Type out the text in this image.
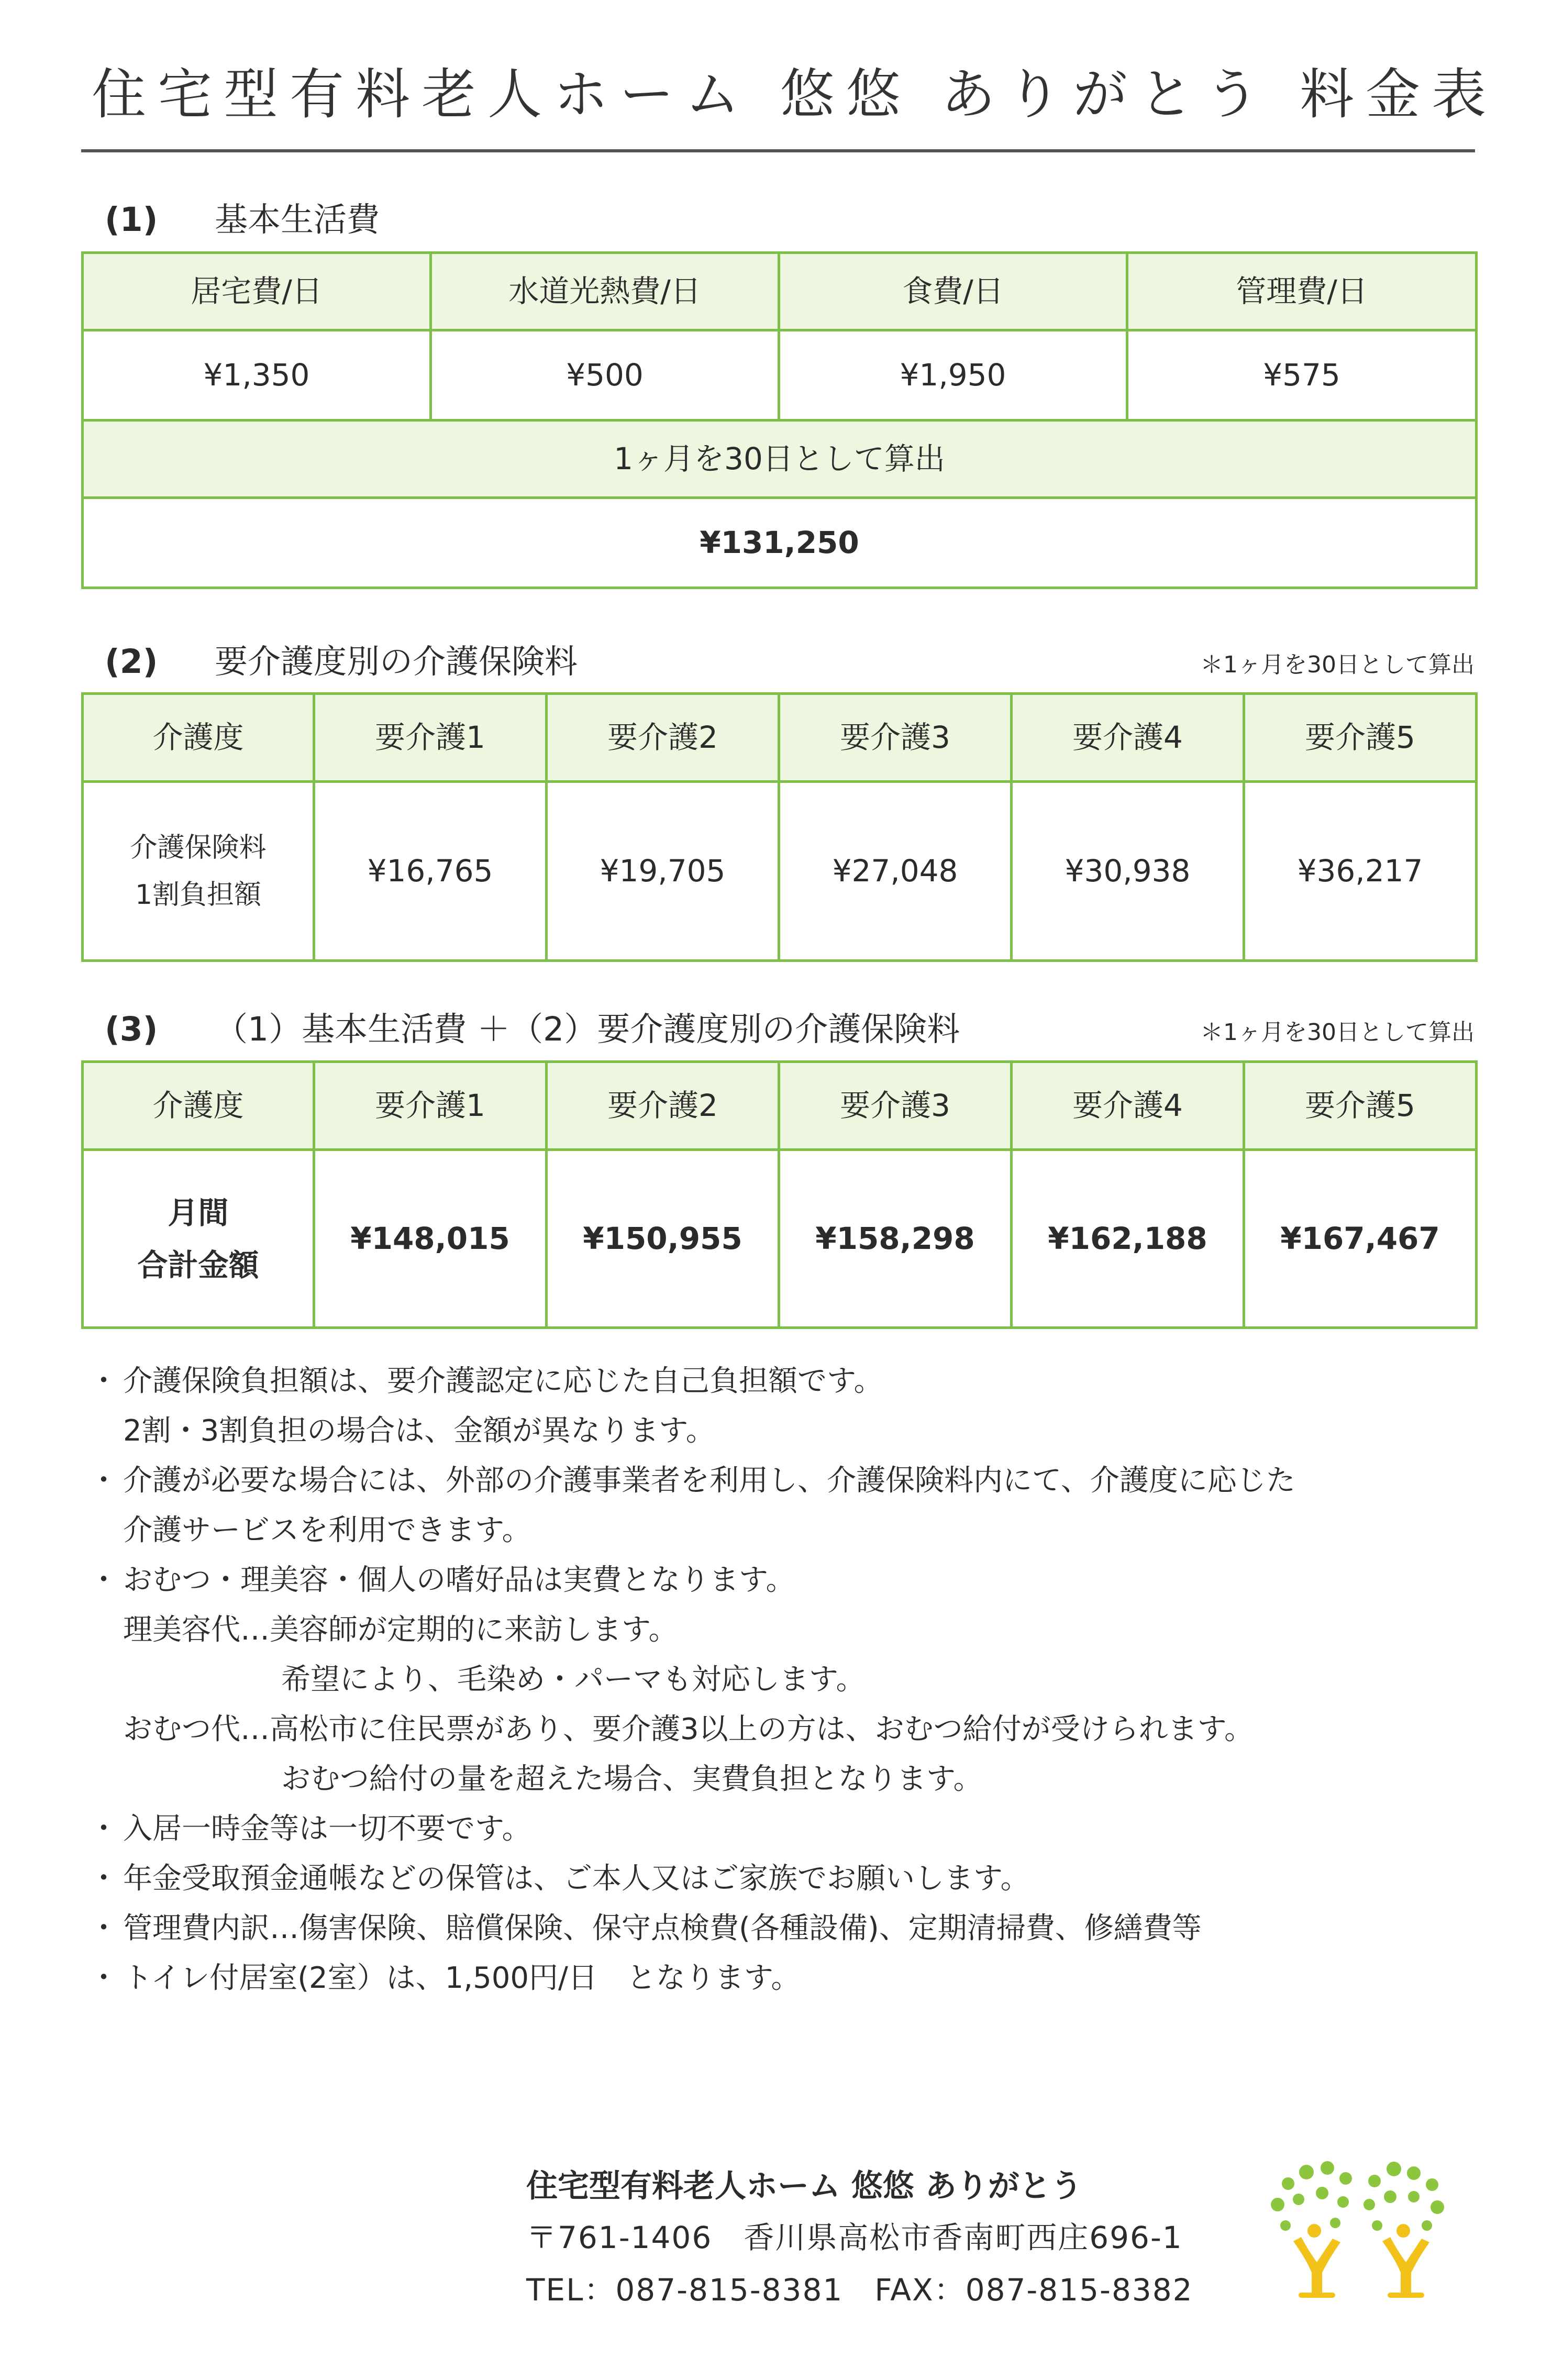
住宅型有料老人ホーム 悠悠 ありがとう 料金表
(1) 基本生活費
居宅費/日	水道光熱費/日	食費/日	管理費/日
¥1,350	¥500	¥1,950	¥575
1ヶ月を30日として算出			
¥131,250			
(2) 要介護度別の介護保険料	＊1ヶ月を30日として算出
介護度	要介護1	要介護2	要介護3	要介護4	要介護5

介護保険料
1割負担額	¥16,765	¥19,705	¥27,048	¥30,938	¥36,217
(3) （1）基本生活費 ＋（2）要介護度別の介護保険料	＊1ヶ月を30日として算出
介護度	要介護1	要介護2	要介護3	要介護4	要介護5

月間
合計金額	¥148,015	¥150,955	¥158,298	¥162,188	¥167,467
・ 介護保険負担額は、要介護認定に応じた自己負担額です。
2割・3割負担の場合は、金額が異なります。
・ 介護が必要な場合には、外部の介護事業者を利用し、介護保険料内にて、介護度に応じた
介護サービスを利用できます。
・ おむつ・理美容・個人の嗜好品は実費となります。
理美容代…美容師が定期的に来訪します。
希望により、毛染め・パーマも対応します。
おむつ代…高松市に住民票があり、要介護3以上の方は、おむつ給付が受けられます。
おむつ給付の量を超えた場合、実費負担となります。
・ 入居一時金等は一切不要です。
・ 年金受取預金通帳などの保管は、ご本人又はご家族でお願いします。
・ 管理費内訳…傷害保険、賠償保険、保守点検費(各種設備)、定期清掃費、修繕費等
・ トイレ付居室(2室）は、1,500円/日　となります。
住宅型有料老人ホーム 悠悠 ありがとう
〒761-1406　香川県高松市香南町西庄696-1
TEL：087-815-8381　FAX：087-815-8382
